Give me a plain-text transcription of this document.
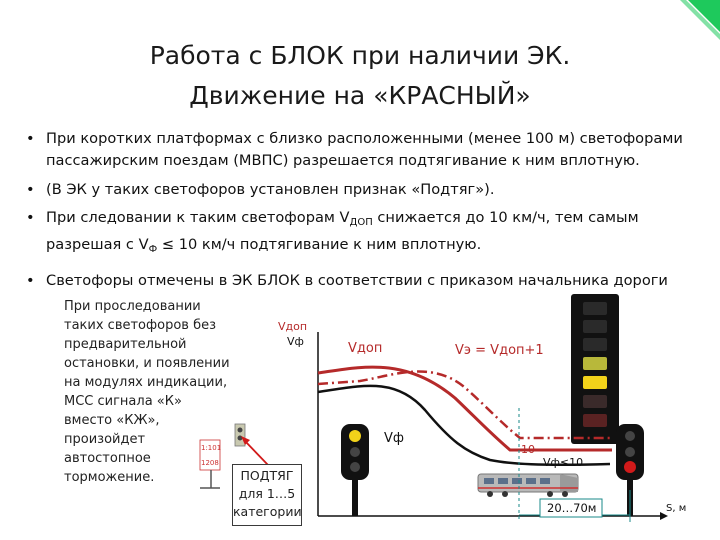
Работа с БЛОК при наличии ЭК.
Движение на «КРАСНЫЙ»
• При коротких платформах с близко расположенными (менее 100 м) светофорами пассажирским поездам (МВПС) разрешается подтягивание к ним вплотную.
• (В ЭК у таких светофоров установлен признак «Подтяг»).
• При следовании к таким светофорам $V_{ДОП}$ снижается до 10 км/ч, тем самым разрешая с $V_Ф \le 10$ км/ч подтягивание к ним вплотную.
• Светофоры отмечены в ЭК БЛОК в соответствии с приказом начальника дороги
При проследовании таких светофоров без предварительной остановки, и появлении на модулях индикации, МСС сигнала «К» вместо «КЖ», произойдет автостопное торможение.
Vдоп
Vф
S, м
Vдоп	Vэ = Vдоп+1
Vф
10
Vф≤10
20…70м
1:101
1208
ПОДТЯГ
для 1…5
категории
